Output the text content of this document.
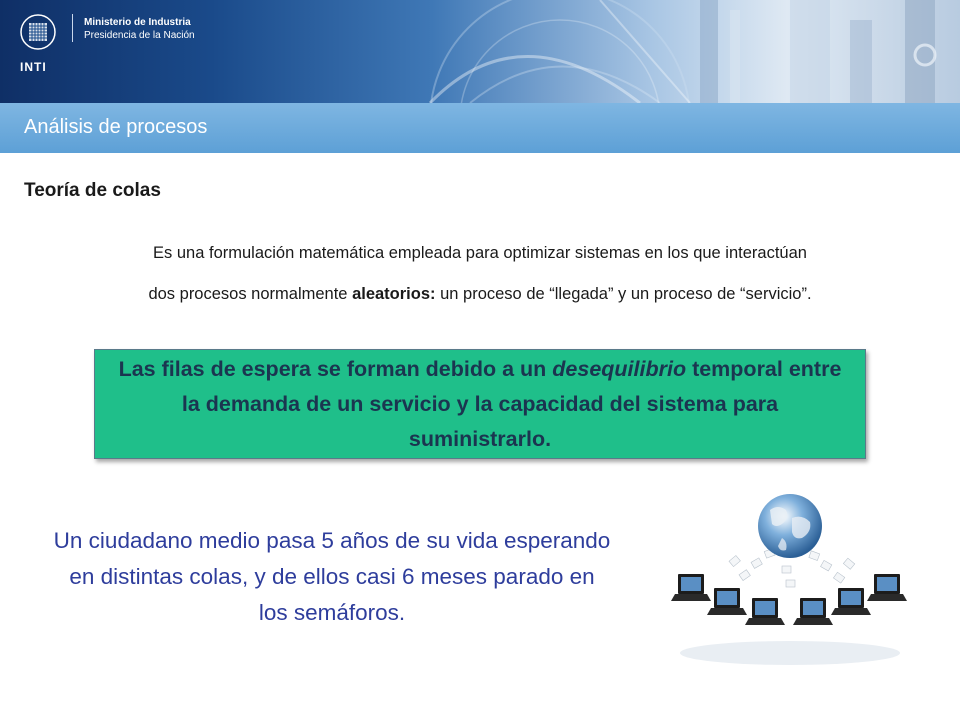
INTI
Ministerio de Industria
Presidencia de la Nación
Análisis de procesos
Teoría de colas
Es una formulación matemática empleada para optimizar sistemas en los que interactúan
dos procesos normalmente aleatorios: un proceso de “llegada” y un proceso de “servicio”.

Las filas de espera se forman debido a un desequilibrio temporal entre la demanda de un servicio y la capacidad del sistema para suministrarlo.

Un ciudadano medio pasa 5 años de su vida esperando en distintas colas, y de ellos casi 6 meses parado en los semáforos.
